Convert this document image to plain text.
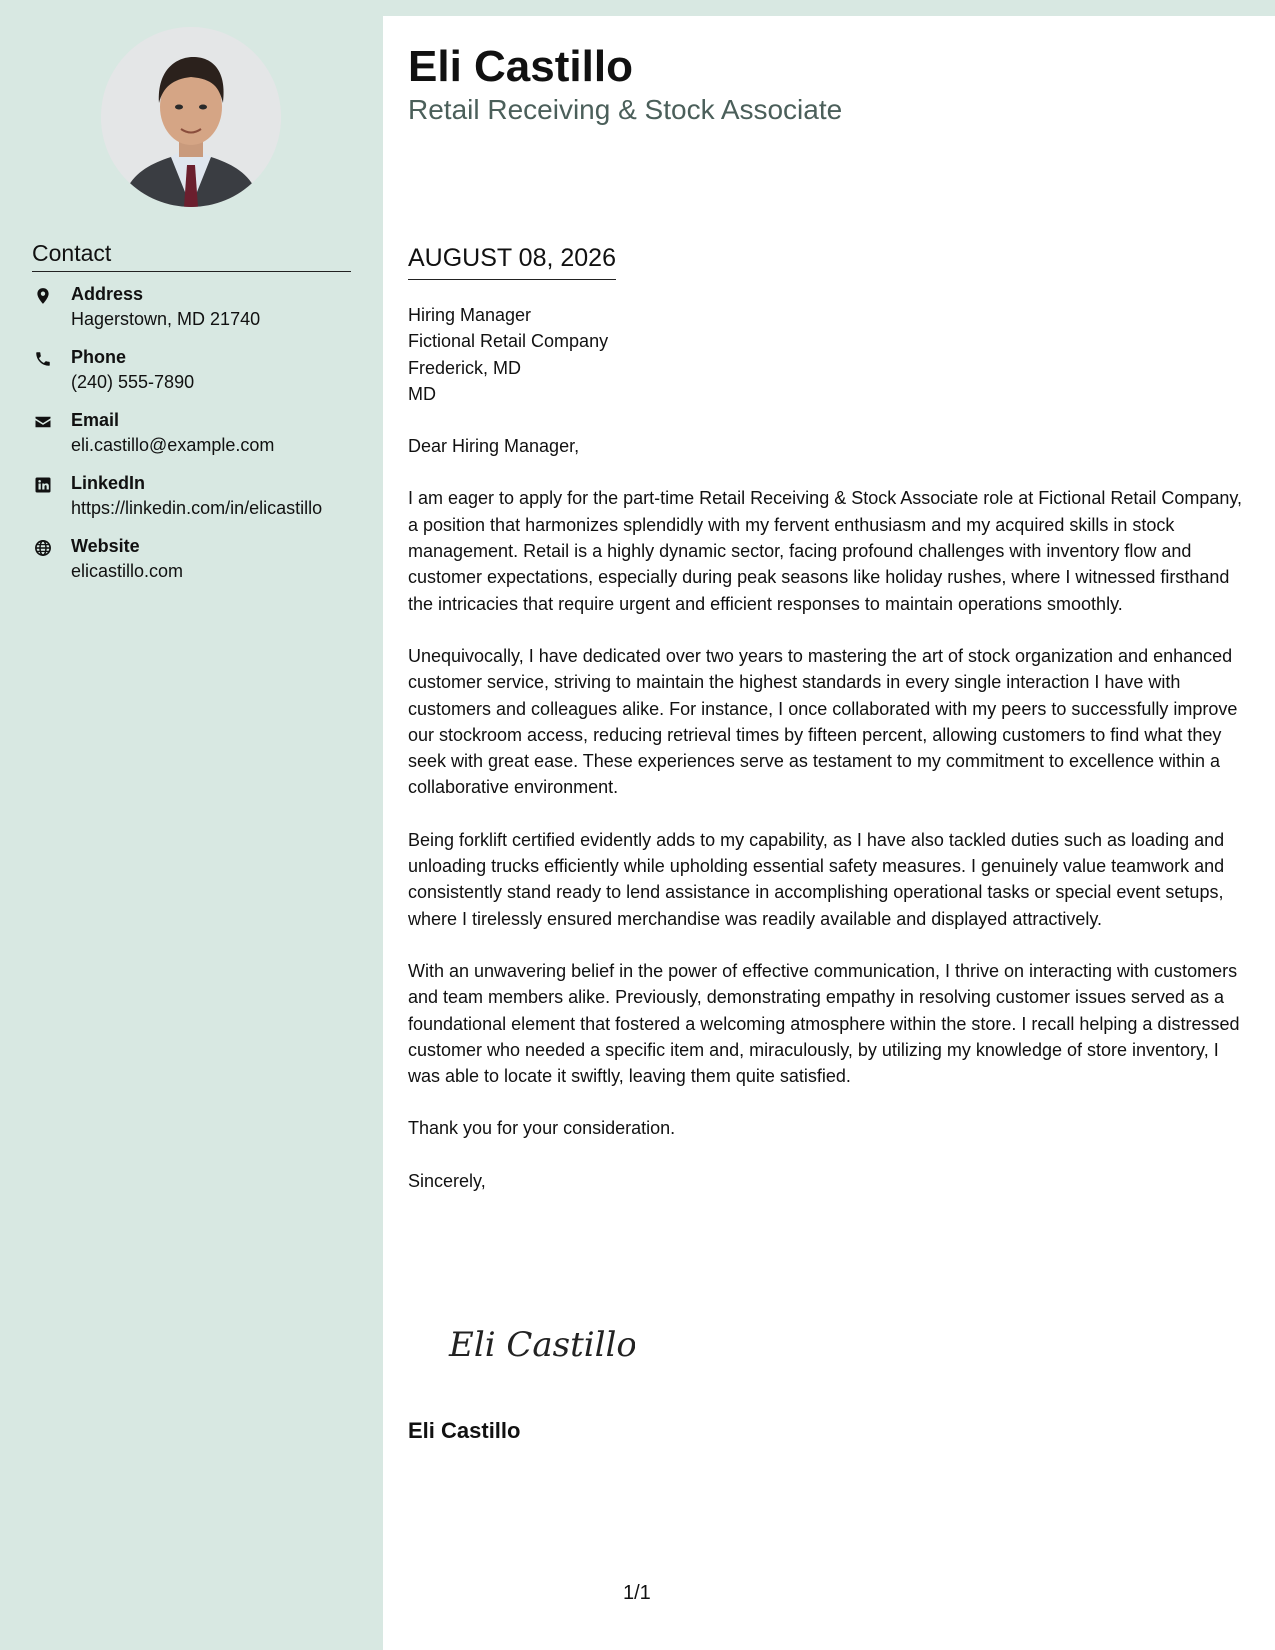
Contact
Address
Hagerstown, MD 21740
Phone
(240) 555-7890
Email
eli.castillo@example.com
LinkedIn
https://linkedin.com/in/elicastillo
Website
elicastillo.com
Eli Castillo
Retail Receiving & Stock Associate
AUGUST 08, 2026

Hiring Manager

Fictional Retail Company

Frederick, MD

MD

Dear Hiring Manager,

I am eager to apply for the part-time Retail Receiving & Stock Associate role at Fictional Retail Company, a position that harmonizes splendidly with my fervent enthusiasm and my acquired skills in stock management. Retail is a highly dynamic sector, facing profound challenges with inventory flow and customer expectations, especially during peak seasons like holiday rushes, where I witnessed firsthand the intricacies that require urgent and efficient responses to maintain operations smoothly.

Unequivocally, I have dedicated over two years to mastering the art of stock organization and enhanced customer service, striving to maintain the highest standards in every single interaction I have with customers and colleagues alike. For instance, I once collaborated with my peers to successfully improve our stockroom access, reducing retrieval times by fifteen percent, allowing customers to find what they seek with great ease. These experiences serve as testament to my commitment to excellence within a collaborative environment.

Being forklift certified evidently adds to my capability, as I have also tackled duties such as loading and unloading trucks efficiently while upholding essential safety measures. I genuinely value teamwork and consistently stand ready to lend assistance in accomplishing operational tasks or special event setups, where I tirelessly ensured merchandise was readily available and displayed attractively.

With an unwavering belief in the power of effective communication, I thrive on interacting with customers and team members alike. Previously, demonstrating empathy in resolving customer issues served as a foundational element that fostered a welcoming atmosphere within the store. I recall helping a distressed customer who needed a specific item and, miraculously, by utilizing my knowledge of store inventory, I was able to locate it swiftly, leaving them quite satisfied.

Thank you for your consideration.

Sincerely,

Eli Castillo
Eli Castillo
1/1
